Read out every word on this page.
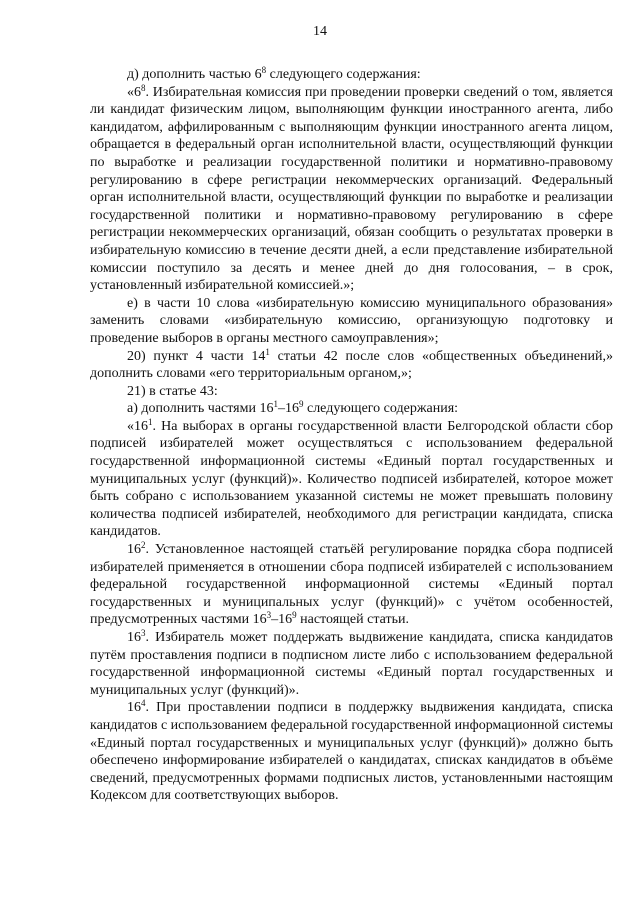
14

д) дополнить частью $6^8$ следующего содержания:

«$6^8$. Избирательная комиссия при проведении проверки сведений о том, является ли кандидат физическим лицом, выполняющим функции иностранного агента, либо кандидатом, аффилированным с выполняющим функции иностранного агента лицом, обращается в федеральный орган исполнительной власти, осуществляющий функции по выработке и реализации государственной политики и нормативно-правовому регулированию в сфере регистрации некоммерческих организаций. Федеральный орган исполнительной власти, осуществляющий функции по выработке и реализации государственной политики и нормативно-правовому регулированию в сфере регистрации некоммерческих организаций, обязан сообщить о результатах проверки в избирательную комиссию в течение десяти дней, а если представление избирательной комиссии поступило за десять и менее дней до дня голосования, – в срок, установленный избирательной комиссией.»;

е) в части 10 слова «избирательную комиссию муниципального образования» заменить словами «избирательную комиссию, организующую подготовку и проведение выборов в органы местного самоуправления»;

20) пункт 4 части $14^1$ статьи 42 после слов «общественных объединений,» дополнить словами «его территориальным органом,»;

21) в статье 43:

а) дополнить частями $16^1-16^9$ следующего содержания:

«$16^1$. На выборах в органы государственной власти Белгородской области сбор подписей избирателей может осуществляться с использованием федеральной государственной информационной системы «Единый портал государственных и муниципальных услуг (функций)». Количество подписей избирателей, которое может быть собрано с использованием указанной системы не может превышать половину количества подписей избирателей, необходимого для регистрации кандидата, списка кандидатов.

$16^2$. Установленное настоящей статьёй регулирование порядка сбора подписей избирателей применяется в отношении сбора подписей избирателей с использованием федеральной государственной информационной системы «Единый портал государственных и муниципальных услуг (функций)» с учётом особенностей, предусмотренных частями $16^3-16^9$ настоящей статьи.

$16^3$. Избиратель может поддержать выдвижение кандидата, списка кандидатов путём проставления подписи в подписном листе либо с использованием федеральной государственной информационной системы «Единый портал государственных и муниципальных услуг (функций)».

$16^4$. При проставлении подписи в поддержку выдвижения кандидата, списка кандидатов с использованием федеральной государственной информационной системы «Единый портал государственных и муниципальных услуг (функций)» должно быть обеспечено информирование избирателей о кандидатах, списках кандидатов в объёме сведений, предусмотренных формами подписных листов, установленными настоящим Кодексом для соответствующих выборов.
